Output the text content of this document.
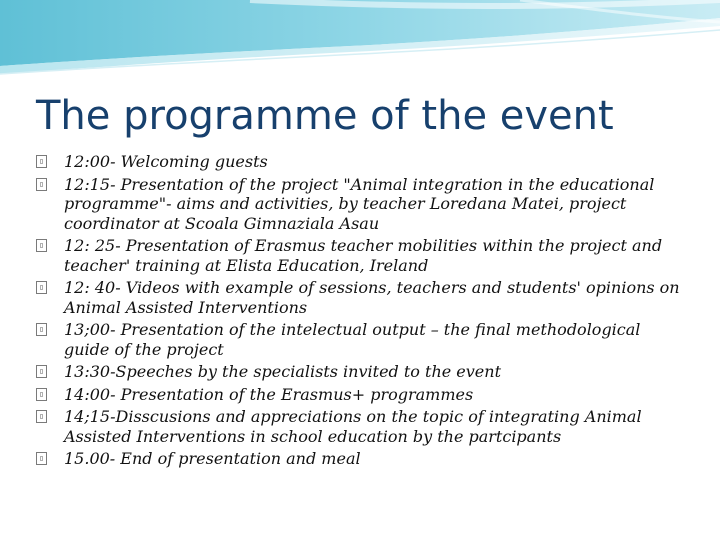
The programme of the event
12:00- Welcoming guests
12:15- Presentation of the project "Animal integration in the educational programme"- aims and activities, by teacher Loredana Matei, project coordinator at Scoala Gimnaziala Asau
12: 25- Presentation of Erasmus teacher mobilities within the project and teacher' training at Elista Education, Ireland
12: 40- Videos with example of sessions, teachers and students' opinions on Animal Assisted Interventions
13;00- Presentation of the intelectual output – the final methodological guide of the project
13:30-Speeches by the specialists invited to the event
14:00- Presentation of the Erasmus+ programmes
14;15-Disscusions and appreciations on the topic of integrating Animal Assisted Interventions in school education by the partcipants
15.00- End of presentation and meal
